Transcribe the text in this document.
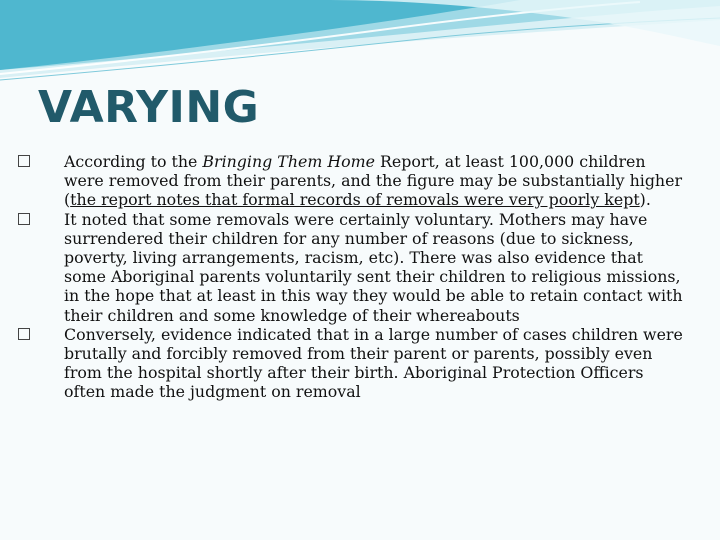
VARYING
According to the Bringing Them Home Report, at least 100,000 children were removed from their parents, and the figure may be substantially higher (the report notes that formal records of removals were very poorly kept).
It noted that some removals were certainly voluntary. Mothers may have surrendered their children for any number of reasons (due to sickness, poverty, living arrangements, racism, etc). There was also evidence that some Aboriginal parents voluntarily sent their children to religious missions, in the hope that at least in this way they would be able to retain contact with their children and some knowledge of their whereabouts
Conversely, evidence indicated that in a large number of cases children were brutally and forcibly removed from their parent or parents, possibly even from the hospital shortly after their birth. Aboriginal Protection Officers often made the judgment on removal
